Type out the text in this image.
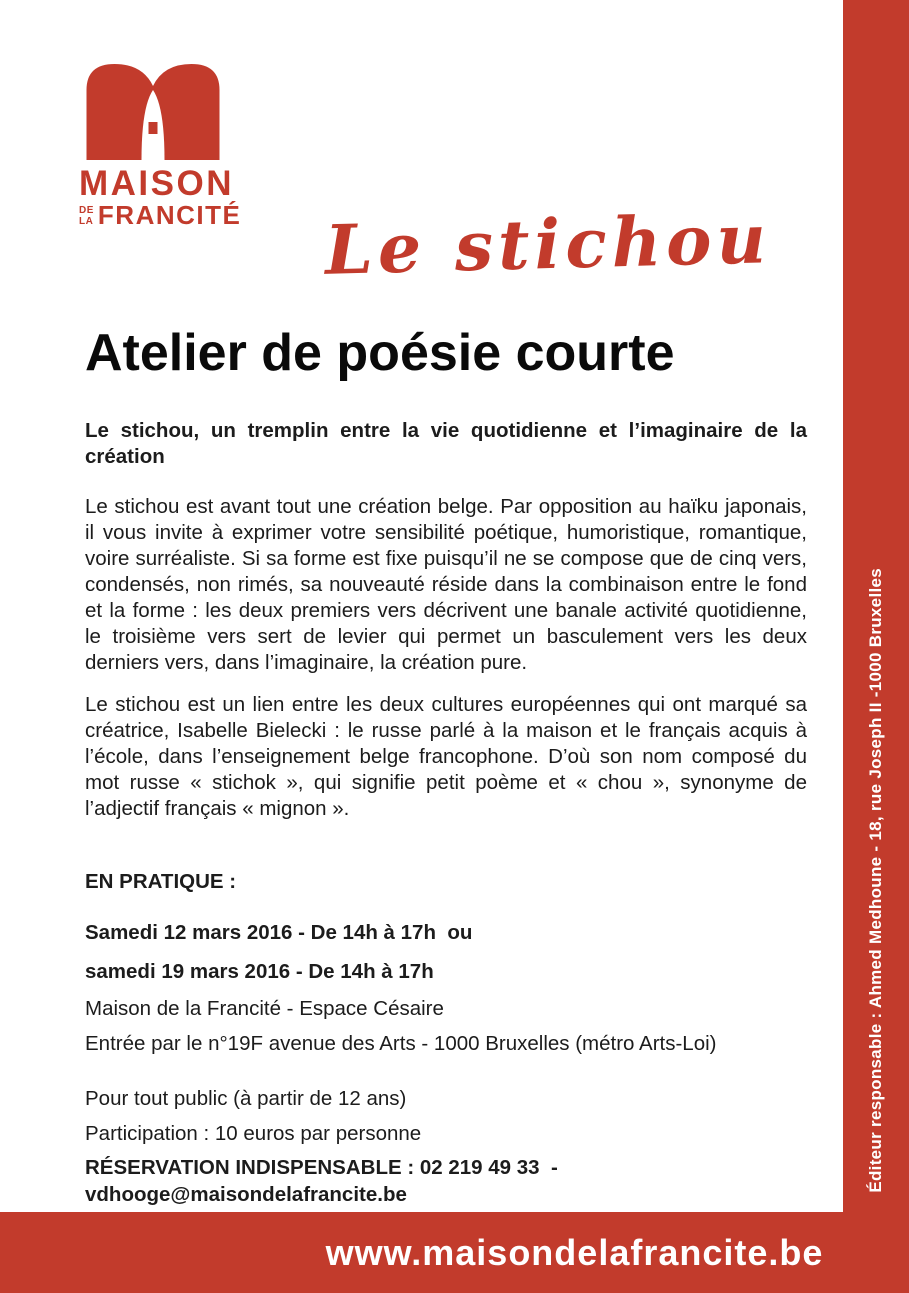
Éditeur responsable : Ahmed Medhoune - 18, rue Joseph II -1000 Bruxelles
www.maisondelafrancite.be
MAISON
DE
LA FRANCITÉ Le stichou
Atelier de poésie courte

Le stichou, un tremplin entre la vie quotidienne et l’imaginaire de la création

Le stichou est avant tout une création belge. Par opposition au haïku japonais, il vous invite à exprimer votre sensibilité poétique, humoristique, romantique, voire surréaliste. Si sa forme est fixe puisqu’il ne se compose que de cinq vers, condensés, non rimés, sa nouveauté réside dans la combinaison entre le fond et la forme : les deux premiers vers décrivent une banale activité quotidienne, le troisième vers sert de levier qui permet un basculement vers les deux derniers vers, dans l’imaginaire, la création pure.

Le stichou est un lien entre les deux cultures européennes qui ont marqué sa créatrice, Isabelle Bielecki : le russe parlé à la maison et le français acquis à l’école, dans l’enseignement belge francophone. D’où son nom composé du mot russe « stichok », qui signifie petit poème et « chou », synonyme de l’adjectif français « mignon ».

EN PRATIQUE :

Samedi 12 mars 2016 - De 14h à 17h  ou

samedi 19 mars 2016 - De 14h à 17h

Maison de la Francité - Espace Césaire

Entrée par le n°19F avenue des Arts - 1000 Bruxelles (métro Arts-Loi)

Pour tout public (à partir de 12 ans)

Participation : 10 euros par personne

RÉSERVATION INDISPENSABLE : 02 219 49 33  - vdhooge@maisondelafrancite.be
